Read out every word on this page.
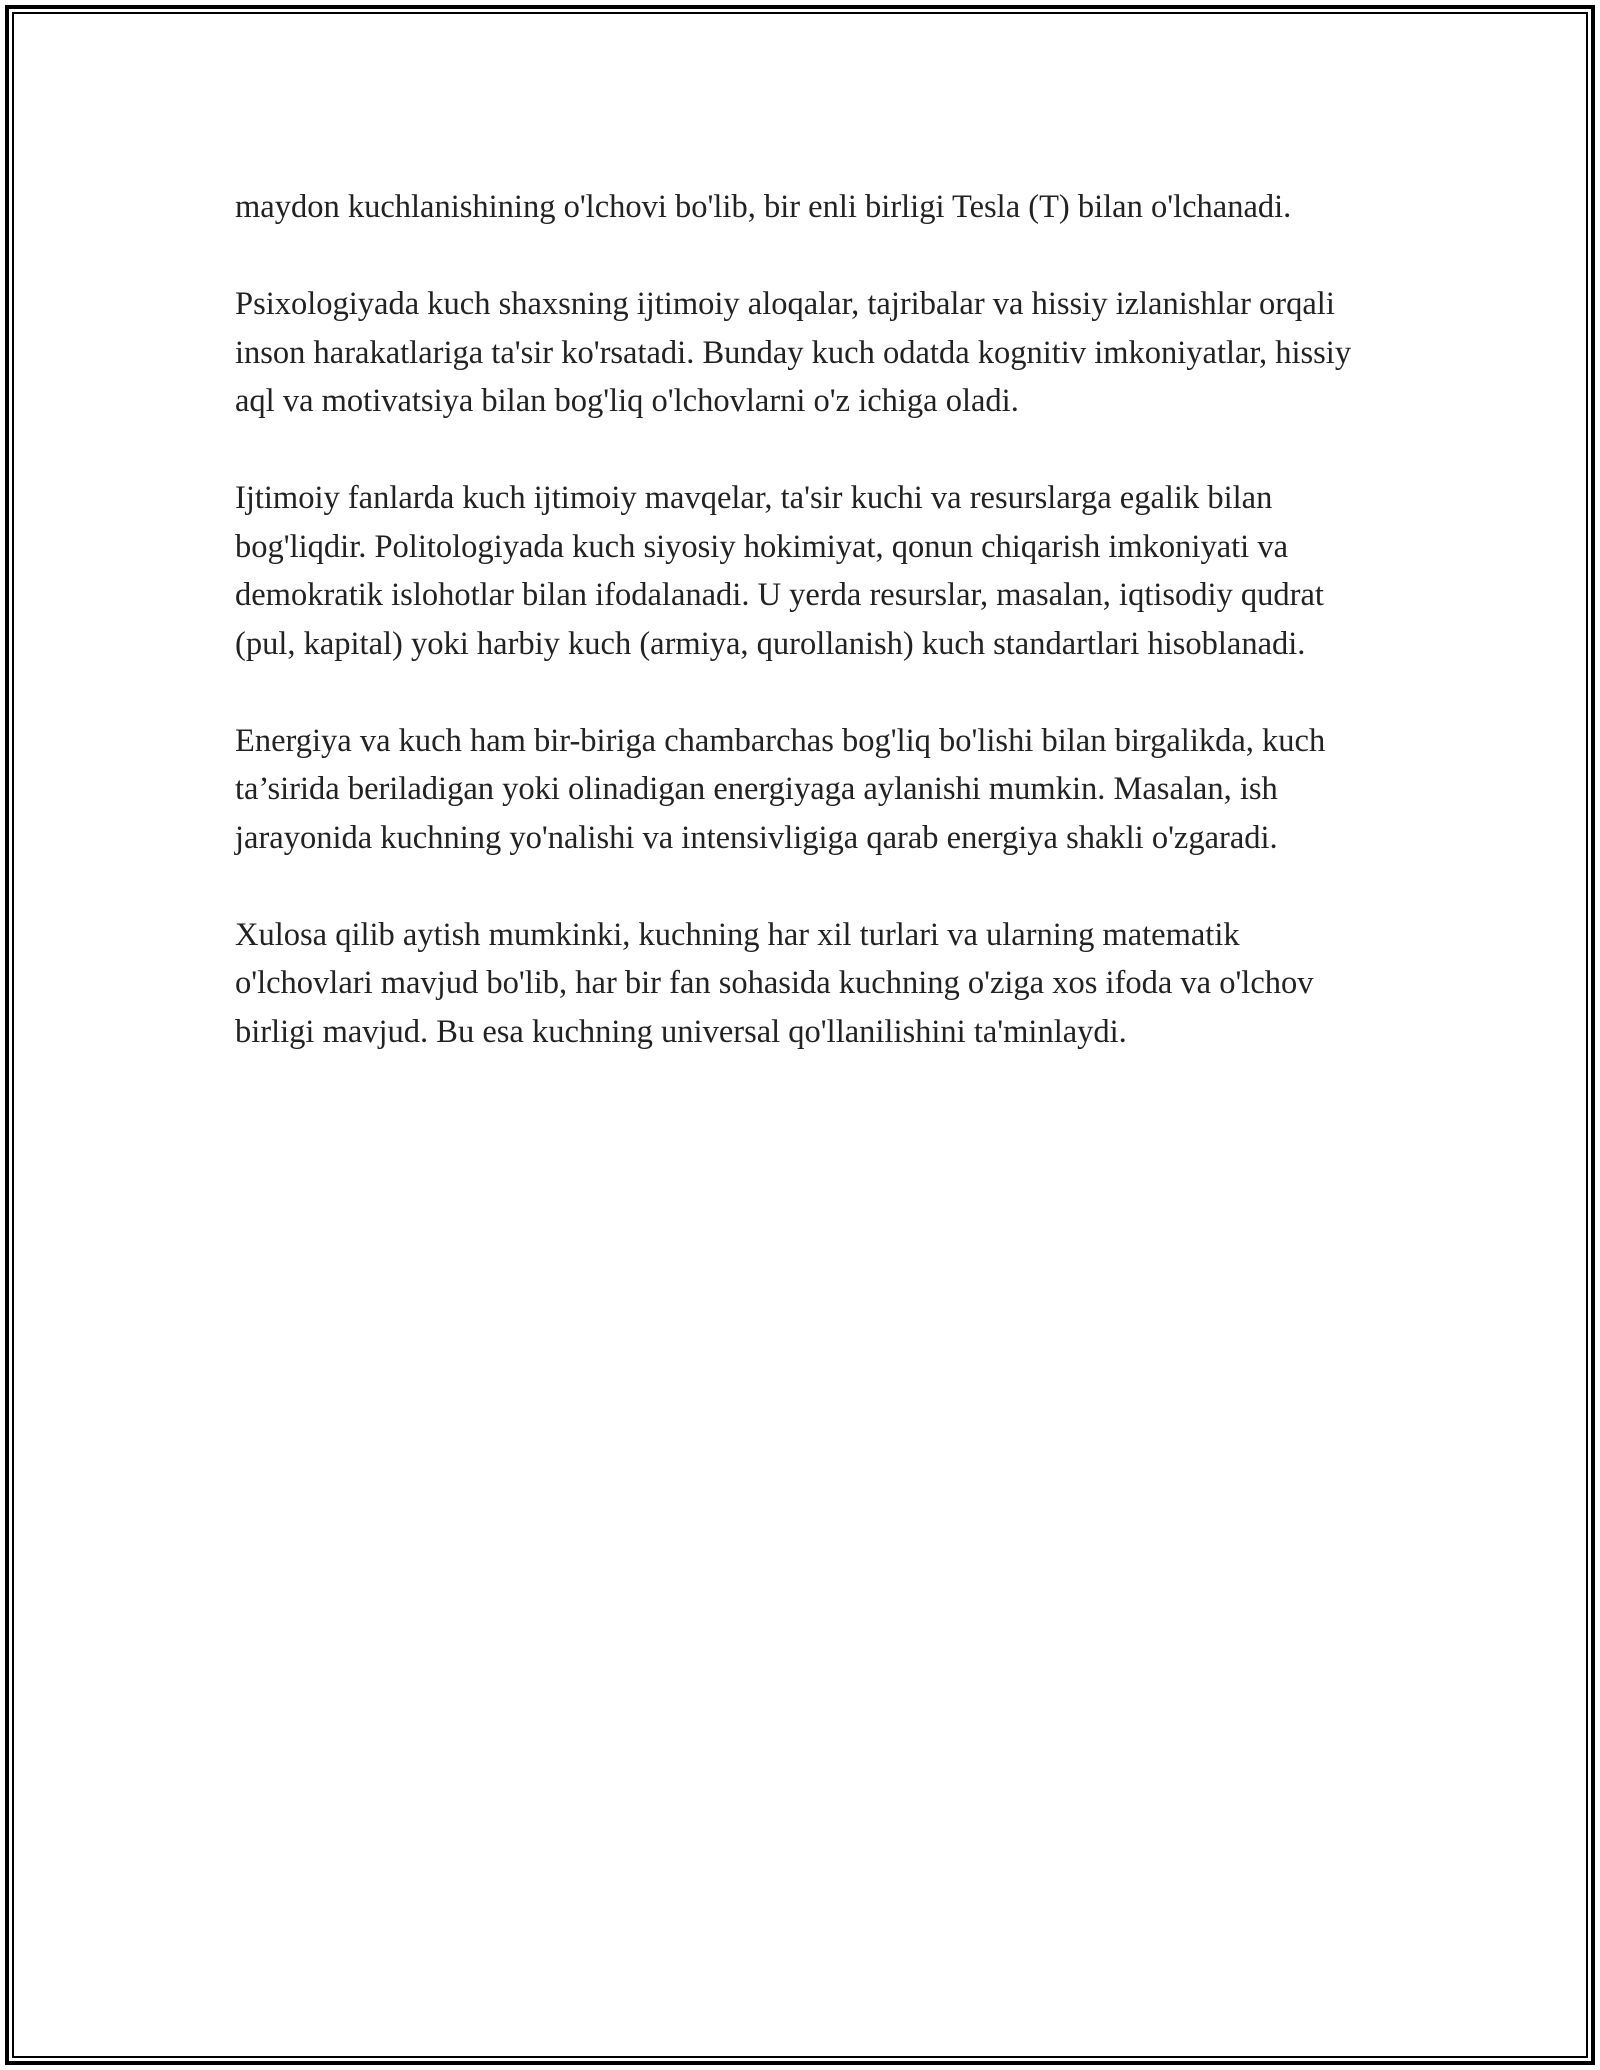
maydon kuchlanishining o'lchovi bo'lib, bir enli birligi Tesla (T) bilan o'lchanadi.

Psixologiyada kuch shaxsning ijtimoiy aloqalar, tajribalar va hissiy izlanishlar orqali inson harakatlariga ta'sir ko'rsatadi. Bunday kuch odatda kognitiv imkoniyatlar, hissiy aql va motivatsiya bilan bog'liq o'lchovlarni o'z ichiga oladi.

Ijtimoiy fanlarda kuch ijtimoiy mavqelar, ta'sir kuchi va resurslarga egalik bilan bog'liqdir. Politologiyada kuch siyosiy hokimiyat, qonun chiqarish imkoniyati va demokratik islohotlar bilan ifodalanadi. U yerda resurslar, masalan, iqtisodiy qudrat (pul, kapital) yoki harbiy kuch (armiya, qurollanish) kuch standartlari hisoblanadi.

Energiya va kuch ham bir-biriga chambarchas bog'liq bo'lishi bilan birgalikda, kuch ta’sirida beriladigan yoki olinadigan energiyaga aylanishi mumkin. Masalan, ish jarayonida kuchning yo'nalishi va intensivligiga qarab energiya shakli o'zgaradi.

Xulosa qilib aytish mumkinki, kuchning har xil turlari va ularning matematik o'lchovlari mavjud bo'lib, har bir fan sohasida kuchning o'ziga xos ifoda va o'lchov birligi mavjud. Bu esa kuchning universal qo'llanilishini ta'minlaydi.
